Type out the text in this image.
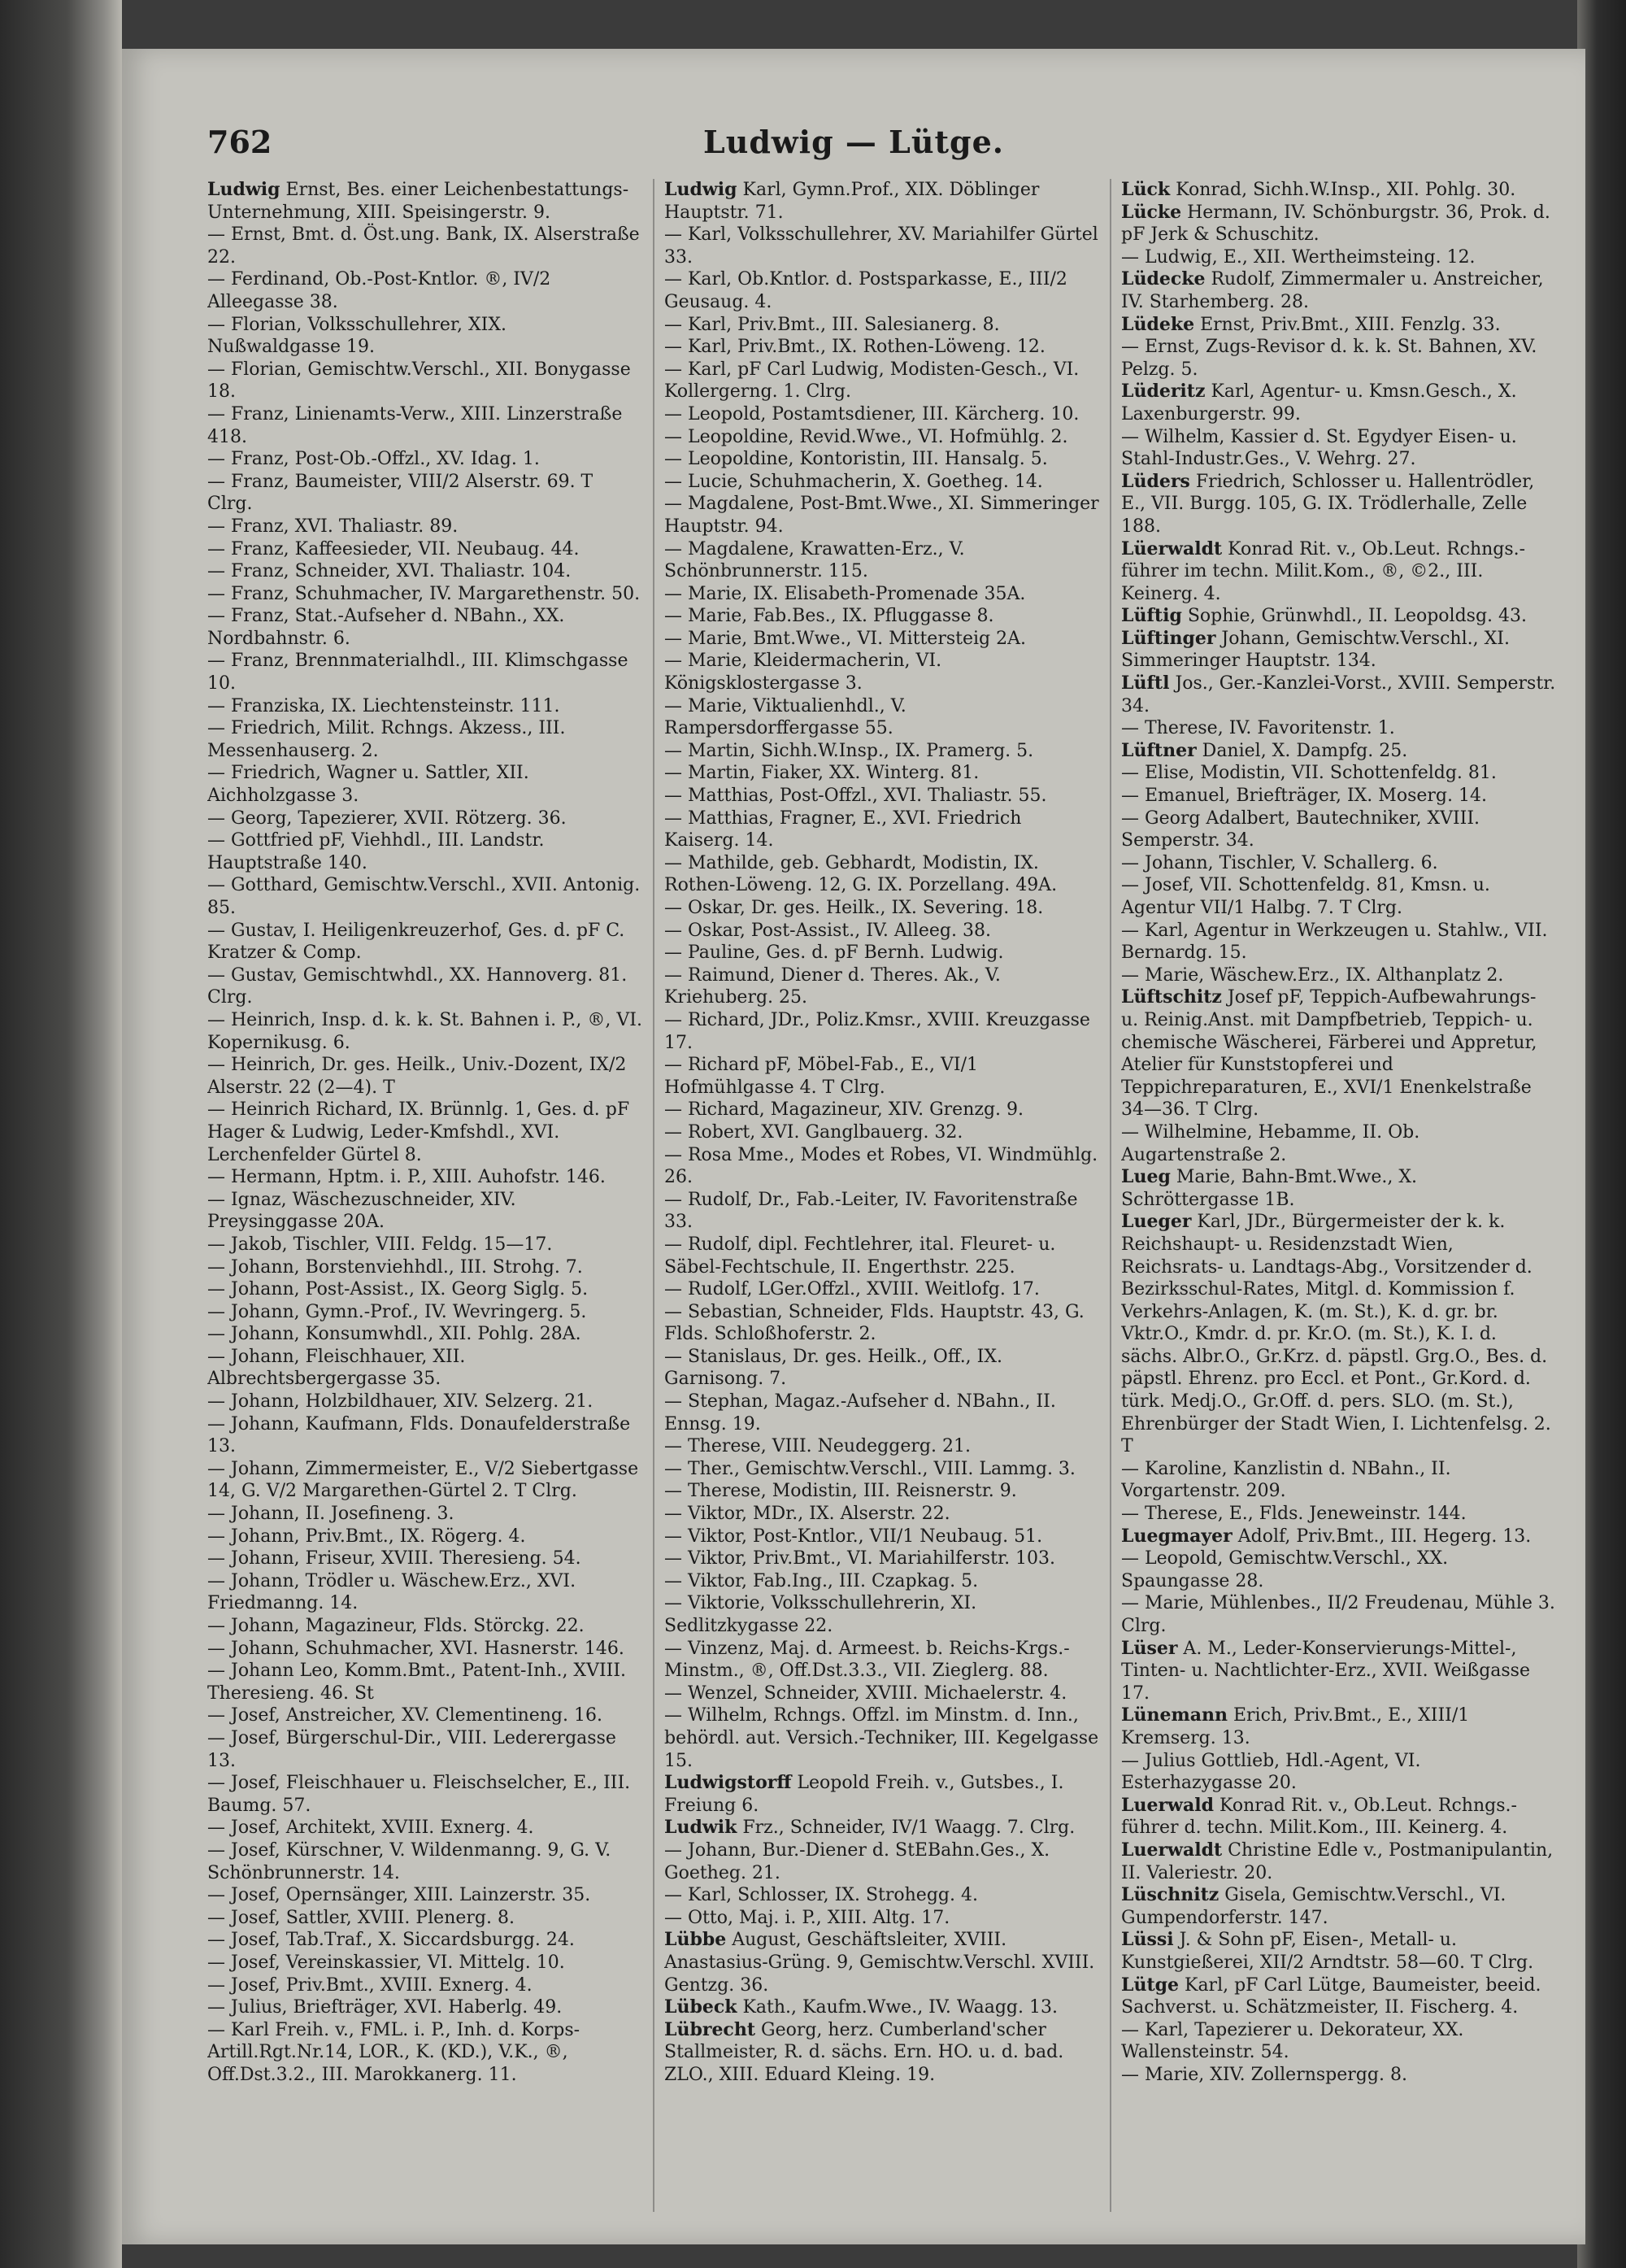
762	Ludwig — Lütge.

Ludwig Ernst, Bes. einer Leichenbestattungs-Unternehmung, XIII. Speisingerstr. 9.

— Ernst, Bmt. d. Öst.ung. Bank, IX. Alserstraße 22.

— Ferdinand, Ob.-Post-Kntlor. ®, IV/2 Alleegasse 38.

— Florian, Volksschullehrer, XIX. Nußwaldgasse 19.

— Florian, Gemischtw.Verschl., XII. Bonygasse 18.

— Franz, Linienamts-Verw., XIII. Linzerstraße 418.

— Franz, Post-Ob.-Offzl., XV. Idag. 1.

— Franz, Baumeister, VIII/2 Alserstr. 69. T Clrg.

— Franz, XVI. Thaliastr. 89.

— Franz, Kaffeesieder, VII. Neubaug. 44.

— Franz, Schneider, XVI. Thaliastr. 104.

— Franz, Schuhmacher, IV. Margarethenstr. 50.

— Franz, Stat.-Aufseher d. NBahn., XX. Nordbahnstr. 6.

— Franz, Brennmaterialhdl., III. Klimschgasse 10.

— Franziska, IX. Liechtensteinstr. 111.

— Friedrich, Milit. Rchngs. Akzess., III. Messenhauserg. 2.

— Friedrich, Wagner u. Sattler, XII. Aichholzgasse 3.

— Georg, Tapezierer, XVII. Rötzerg. 36.

— Gottfried pF, Viehhdl., III. Landstr. Hauptstraße 140.

— Gotthard, Gemischtw.Verschl., XVII. Antonig. 85.

— Gustav, I. Heiligenkreuzerhof, Ges. d. pF C. Kratzer & Comp.

— Gustav, Gemischtwhdl., XX. Hannoverg. 81. Clrg.

— Heinrich, Insp. d. k. k. St. Bahnen i. P., ®, VI. Kopernikusg. 6.

— Heinrich, Dr. ges. Heilk., Univ.-Dozent, IX/2 Alserstr. 22 (2—4). T

— Heinrich Richard, IX. Brünnlg. 1, Ges. d. pF Hager & Ludwig, Leder-Kmfshdl., XVI. Lerchenfelder Gürtel 8.

— Hermann, Hptm. i. P., XIII. Auhofstr. 146.

— Ignaz, Wäschezuschneider, XIV. Preysinggasse 20A.

— Jakob, Tischler, VIII. Feldg. 15—17.

— Johann, Borstenviehhdl., III. Strohg. 7.

— Johann, Post-Assist., IX. Georg Siglg. 5.

— Johann, Gymn.-Prof., IV. Wevringerg. 5.

— Johann, Konsumwhdl., XII. Pohlg. 28A.

— Johann, Fleischhauer, XII. Albrechtsbergergasse 35.

— Johann, Holzbildhauer, XIV. Selzerg. 21.

— Johann, Kaufmann, Flds. Donaufelderstraße 13.

— Johann, Zimmermeister, E., V/2 Siebertgasse 14, G. V/2 Margarethen-Gürtel 2. T Clrg.

— Johann, II. Josefineng. 3.

— Johann, Priv.Bmt., IX. Rögerg. 4.

— Johann, Friseur, XVIII. Theresieng. 54.

— Johann, Trödler u. Wäschew.Erz., XVI. Friedmanng. 14.

— Johann, Magazineur, Flds. Störckg. 22.

— Johann, Schuhmacher, XVI. Hasnerstr. 146.

— Johann Leo, Komm.Bmt., Patent-Inh., XVIII. Theresieng. 46. St

— Josef, Anstreicher, XV. Clementineng. 16.

— Josef, Bürgerschul-Dir., VIII. Lederergasse 13.

— Josef, Fleischhauer u. Fleischselcher, E., III. Baumg. 57.

— Josef, Architekt, XVIII. Exnerg. 4.

— Josef, Kürschner, V. Wildenmanng. 9, G. V. Schönbrunnerstr. 14.

— Josef, Opernsänger, XIII. Lainzerstr. 35.

— Josef, Sattler, XVIII. Plenerg. 8.

— Josef, Tab.Traf., X. Siccardsburgg. 24.

— Josef, Vereinskassier, VI. Mittelg. 10.

— Josef, Priv.Bmt., XVIII. Exnerg. 4.

— Julius, Briefträger, XVI. Haberlg. 49.

— Karl Freih. v., FML. i. P., Inh. d. Korps-Artill.Rgt.Nr.14, LOR., K. (KD.), V.K., ®, Off.Dst.3.2., III. Marokkanerg. 11.

Ludwig Karl, Gymn.Prof., XIX. Döblinger Hauptstr. 71.

— Karl, Volksschullehrer, XV. Mariahilfer Gürtel 33.

— Karl, Ob.Kntlor. d. Postsparkasse, E., III/2 Geusaug. 4.

— Karl, Priv.Bmt., III. Salesianerg. 8.

— Karl, Priv.Bmt., IX. Rothen-Löweng. 12.

— Karl, pF Carl Ludwig, Modisten-Gesch., VI. Kollergerng. 1. Clrg.

— Leopold, Postamtsdiener, III. Kärcherg. 10.

— Leopoldine, Revid.Wwe., VI. Hofmühlg. 2.

— Leopoldine, Kontoristin, III. Hansalg. 5.

— Lucie, Schuhmacherin, X. Goetheg. 14.

— Magdalene, Post-Bmt.Wwe., XI. Simmeringer Hauptstr. 94.

— Magdalene, Krawatten-Erz., V. Schönbrunnerstr. 115.

— Marie, IX. Elisabeth-Promenade 35A.

— Marie, Fab.Bes., IX. Pfluggasse 8.

— Marie, Bmt.Wwe., VI. Mittersteig 2A.

— Marie, Kleidermacherin, VI. Königsklostergasse 3.

— Marie, Viktualienhdl., V. Rampersdorffergasse 55.

— Martin, Sichh.W.Insp., IX. Pramerg. 5.

— Martin, Fiaker, XX. Winterg. 81.

— Matthias, Post-Offzl., XVI. Thaliastr. 55.

— Matthias, Fragner, E., XVI. Friedrich Kaiserg. 14.

— Mathilde, geb. Gebhardt, Modistin, IX. Rothen-Löweng. 12, G. IX. Porzellang. 49A.

— Oskar, Dr. ges. Heilk., IX. Severing. 18.

— Oskar, Post-Assist., IV. Alleeg. 38.

— Pauline, Ges. d. pF Bernh. Ludwig.

— Raimund, Diener d. Theres. Ak., V. Kriehuberg. 25.

— Richard, JDr., Poliz.Kmsr., XVIII. Kreuzgasse 17.

— Richard pF, Möbel-Fab., E., VI/1 Hofmühlgasse 4. T Clrg.

— Richard, Magazineur, XIV. Grenzg. 9.

— Robert, XVI. Ganglbauerg. 32.

— Rosa Mme., Modes et Robes, VI. Windmühlg. 26.

— Rudolf, Dr., Fab.-Leiter, IV. Favoritenstraße 33.

— Rudolf, dipl. Fechtlehrer, ital. Fleuret- u. Säbel-Fechtschule, II. Engerthstr. 225.

— Rudolf, LGer.Offzl., XVIII. Weitlofg. 17.

— Sebastian, Schneider, Flds. Hauptstr. 43, G. Flds. Schloßhoferstr. 2.

— Stanislaus, Dr. ges. Heilk., Off., IX. Garnisong. 7.

— Stephan, Magaz.-Aufseher d. NBahn., II. Ennsg. 19.

— Therese, VIII. Neudeggerg. 21.

— Ther., Gemischtw.Verschl., VIII. Lammg. 3.

— Therese, Modistin, III. Reisnerstr. 9.

— Viktor, MDr., IX. Alserstr. 22.

— Viktor, Post-Kntlor., VII/1 Neubaug. 51.

— Viktor, Priv.Bmt., VI. Mariahilferstr. 103.

— Viktor, Fab.Ing., III. Czapkag. 5.

— Viktorie, Volksschullehrerin, XI. Sedlitzkygasse 22.

— Vinzenz, Maj. d. Armeest. b. Reichs-Krgs.-Minstm., ®, Off.Dst.3.3., VII. Zieglerg. 88.

— Wenzel, Schneider, XVIII. Michaelerstr. 4.

— Wilhelm, Rchngs. Offzl. im Minstm. d. Inn., behördl. aut. Versich.-Techniker, III. Kegelgasse 15.

Ludwigstorff Leopold Freih. v., Gutsbes., I. Freiung 6.

Ludwik Frz., Schneider, IV/1 Waagg. 7. Clrg.

— Johann, Bur.-Diener d. StEBahn.Ges., X. Goetheg. 21.

— Karl, Schlosser, IX. Strohegg. 4.

— Otto, Maj. i. P., XIII. Altg. 17.

Lübbe August, Geschäftsleiter, XVIII. Anastasius-Grüng. 9, Gemischtw.Verschl. XVIII. Gentzg. 36.

Lübeck Kath., Kaufm.Wwe., IV. Waagg. 13.

Lübrecht Georg, herz. Cumberland'scher Stallmeister, R. d. sächs. Ern. HO. u. d. bad. ZLO., XIII. Eduard Kleing. 19.

Lück Konrad, Sichh.W.Insp., XII. Pohlg. 30.

Lücke Hermann, IV. Schönburgstr. 36, Prok. d. pF Jerk & Schuschitz.

— Ludwig, E., XII. Wertheimsteing. 12.

Lüdecke Rudolf, Zimmermaler u. Anstreicher, IV. Starhemberg. 28.

Lüdeke Ernst, Priv.Bmt., XIII. Fenzlg. 33.

— Ernst, Zugs-Revisor d. k. k. St. Bahnen, XV. Pelzg. 5.

Lüderitz Karl, Agentur- u. Kmsn.Gesch., X. Laxenburgerstr. 99.

— Wilhelm, Kassier d. St. Egydyer Eisen- u. Stahl-Industr.Ges., V. Wehrg. 27.

Lüders Friedrich, Schlosser u. Hallentrödler, E., VII. Burgg. 105, G. IX. Trödlerhalle, Zelle 188.

Lüerwaldt Konrad Rit. v., Ob.Leut. Rchngs.-führer im techn. Milit.Kom., ®, ©2., III. Keinerg. 4.

Lüftig Sophie, Grünwhdl., II. Leopoldsg. 43.

Lüftinger Johann, Gemischtw.Verschl., XI. Simmeringer Hauptstr. 134.

Lüftl Jos., Ger.-Kanzlei-Vorst., XVIII. Semperstr. 34.

— Therese, IV. Favoritenstr. 1.

Lüftner Daniel, X. Dampfg. 25.

— Elise, Modistin, VII. Schottenfeldg. 81.

— Emanuel, Briefträger, IX. Moserg. 14.

— Georg Adalbert, Bautechniker, XVIII. Semperstr. 34.

— Johann, Tischler, V. Schallerg. 6.

— Josef, VII. Schottenfeldg. 81, Kmsn. u. Agentur VII/1 Halbg. 7. T Clrg.

— Karl, Agentur in Werkzeugen u. Stahlw., VII. Bernardg. 15.

— Marie, Wäschew.Erz., IX. Althanplatz 2.

Lüftschitz Josef pF, Teppich-Aufbewahrungs- u. Reinig.Anst. mit Dampfbetrieb, Teppich- u. chemische Wäscherei, Färberei und Appretur, Atelier für Kunststopferei und Teppichreparaturen, E., XVI/1 Enenkelstraße 34—36. T Clrg.

— Wilhelmine, Hebamme, II. Ob. Augartenstraße 2.

Lueg Marie, Bahn-Bmt.Wwe., X. Schröttergasse 1B.

Lueger Karl, JDr., Bürgermeister der k. k. Reichshaupt- u. Residenzstadt Wien, Reichsrats- u. Landtags-Abg., Vorsitzender d. Bezirksschul-Rates, Mitgl. d. Kommission f. Verkehrs-Anlagen, K. (m. St.), K. d. gr. br. Vktr.O., Kmdr. d. pr. Kr.O. (m. St.), K. I. d. sächs. Albr.O., Gr.Krz. d. päpstl. Grg.O., Bes. d. päpstl. Ehrenz. pro Eccl. et Pont., Gr.Kord. d. türk. Medj.O., Gr.Off. d. pers. SLO. (m. St.), Ehrenbürger der Stadt Wien, I. Lichtenfelsg. 2. T

— Karoline, Kanzlistin d. NBahn., II. Vorgartenstr. 209.

— Therese, E., Flds. Jeneweinstr. 144.

Luegmayer Adolf, Priv.Bmt., III. Hegerg. 13.

— Leopold, Gemischtw.Verschl., XX. Spaungasse 28.

— Marie, Mühlenbes., II/2 Freudenau, Mühle 3. Clrg.

Lüser A. M., Leder-Konservierungs-Mittel-, Tinten- u. Nachtlichter-Erz., XVII. Weißgasse 17.

Lünemann Erich, Priv.Bmt., E., XIII/1 Kremserg. 13.

— Julius Gottlieb, Hdl.-Agent, VI. Esterhazygasse 20.

Luerwald Konrad Rit. v., Ob.Leut. Rchngs.-führer d. techn. Milit.Kom., III. Keinerg. 4.

Luerwaldt Christine Edle v., Postmanipulantin, II. Valeriestr. 20.

Lüschnitz Gisela, Gemischtw.Verschl., VI. Gumpendorferstr. 147.

Lüssi J. & Sohn pF, Eisen-, Metall- u. Kunstgießerei, XII/2 Arndtstr. 58—60. T Clrg.

Lütge Karl, pF Carl Lütge, Baumeister, beeid. Sachverst. u. Schätzmeister, II. Fischerg. 4.

— Karl, Tapezierer u. Dekorateur, XX. Wallensteinstr. 54.

— Marie, XIV. Zollernspergg. 8.
